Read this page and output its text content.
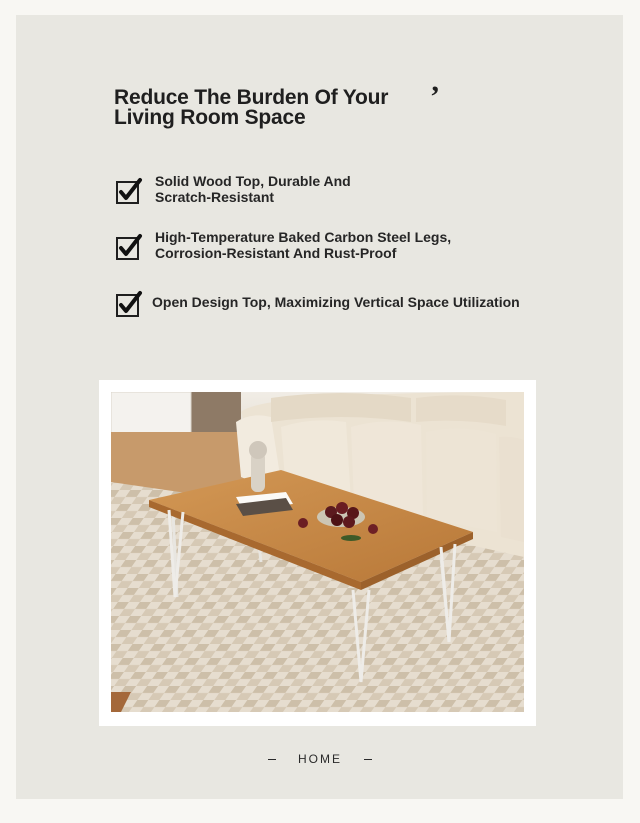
Reduce The Burden Of Your
Living Room Space
’
Solid Wood Top, Durable And
Scratch-Resistant
High-Temperature Baked Carbon Steel Legs,
Corrosion-Resistant And Rust-Proof
Open Design Top, Maximizing Vertical Space Utilization
HOME
